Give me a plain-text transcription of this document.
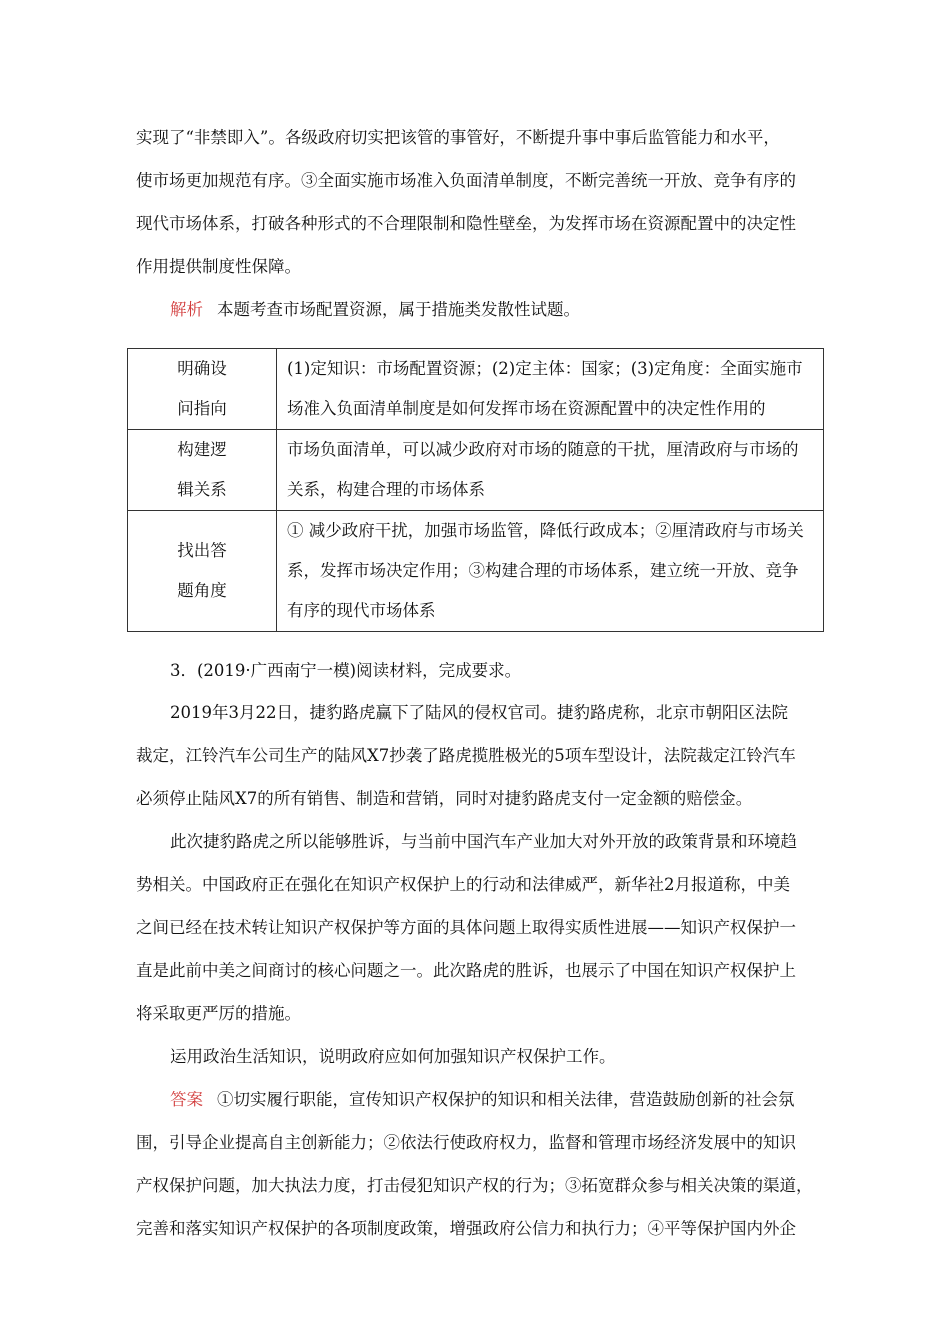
实现了“非禁即入”。各级政府切实把该管的事管好，不断提升事中事后监管能力和水平，
使市场更加规范有序。③全面实施市场准入负面清单制度，不断完善统一开放、竞争有序的
现代市场体系，打破各种形式的不合理限制和隐性壁垒，为发挥市场在资源配置中的决定性
作用提供制度性保障。
解析 本题考查市场配置资源，属于措施类发散性试题。
明确设
问指向	(1)定知识：市场配置资源；(2)定主体：国家；(3)定角度：全面实施市
场准入负面清单制度是如何发挥市场在资源配置中的决定性作用的

构建逻
辑关系	市场负面清单，可以减少政府对市场的随意的干扰，厘清政府与市场的
关系，构建合理的市场体系

找出答
题角度	① 减少政府干扰，加强市场监管，降低行政成本；②厘清政府与市场关
系，发挥市场决定作用；③构建合理的市场体系，建立统一开放、竞争
有序的现代市场体系
3．(2019·广西南宁一模)阅读材料，完成要求。
2019年3月22日，捷豹路虎赢下了陆风的侵权官司。捷豹路虎称，北京市朝阳区法院
裁定，江铃汽车公司生产的陆风X7抄袭了路虎揽胜极光的5项车型设计，法院裁定江铃汽车
必须停止陆风X7的所有销售、制造和营销，同时对捷豹路虎支付一定金额的赔偿金。
此次捷豹路虎之所以能够胜诉，与当前中国汽车产业加大对外开放的政策背景和环境趋
势相关。中国政府正在强化在知识产权保护上的行动和法律威严，新华社2月报道称，中美
之间已经在技术转让知识产权保护等方面的具体问题上取得实质性进展——知识产权保护一
直是此前中美之间商讨的核心问题之一。此次路虎的胜诉，也展示了中国在知识产权保护上
将采取更严厉的措施。
运用政治生活知识，说明政府应如何加强知识产权保护工作。
答案 ①切实履行职能，宣传知识产权保护的知识和相关法律，营造鼓励创新的社会氛
围，引导企业提高自主创新能力；②依法行使政府权力，监督和管理市场经济发展中的知识
产权保护问题，加大执法力度，打击侵犯知识产权的行为；③拓宽群众参与相关决策的渠道，
完善和落实知识产权保护的各项制度政策，增强政府公信力和执行力；④平等保护国内外企
